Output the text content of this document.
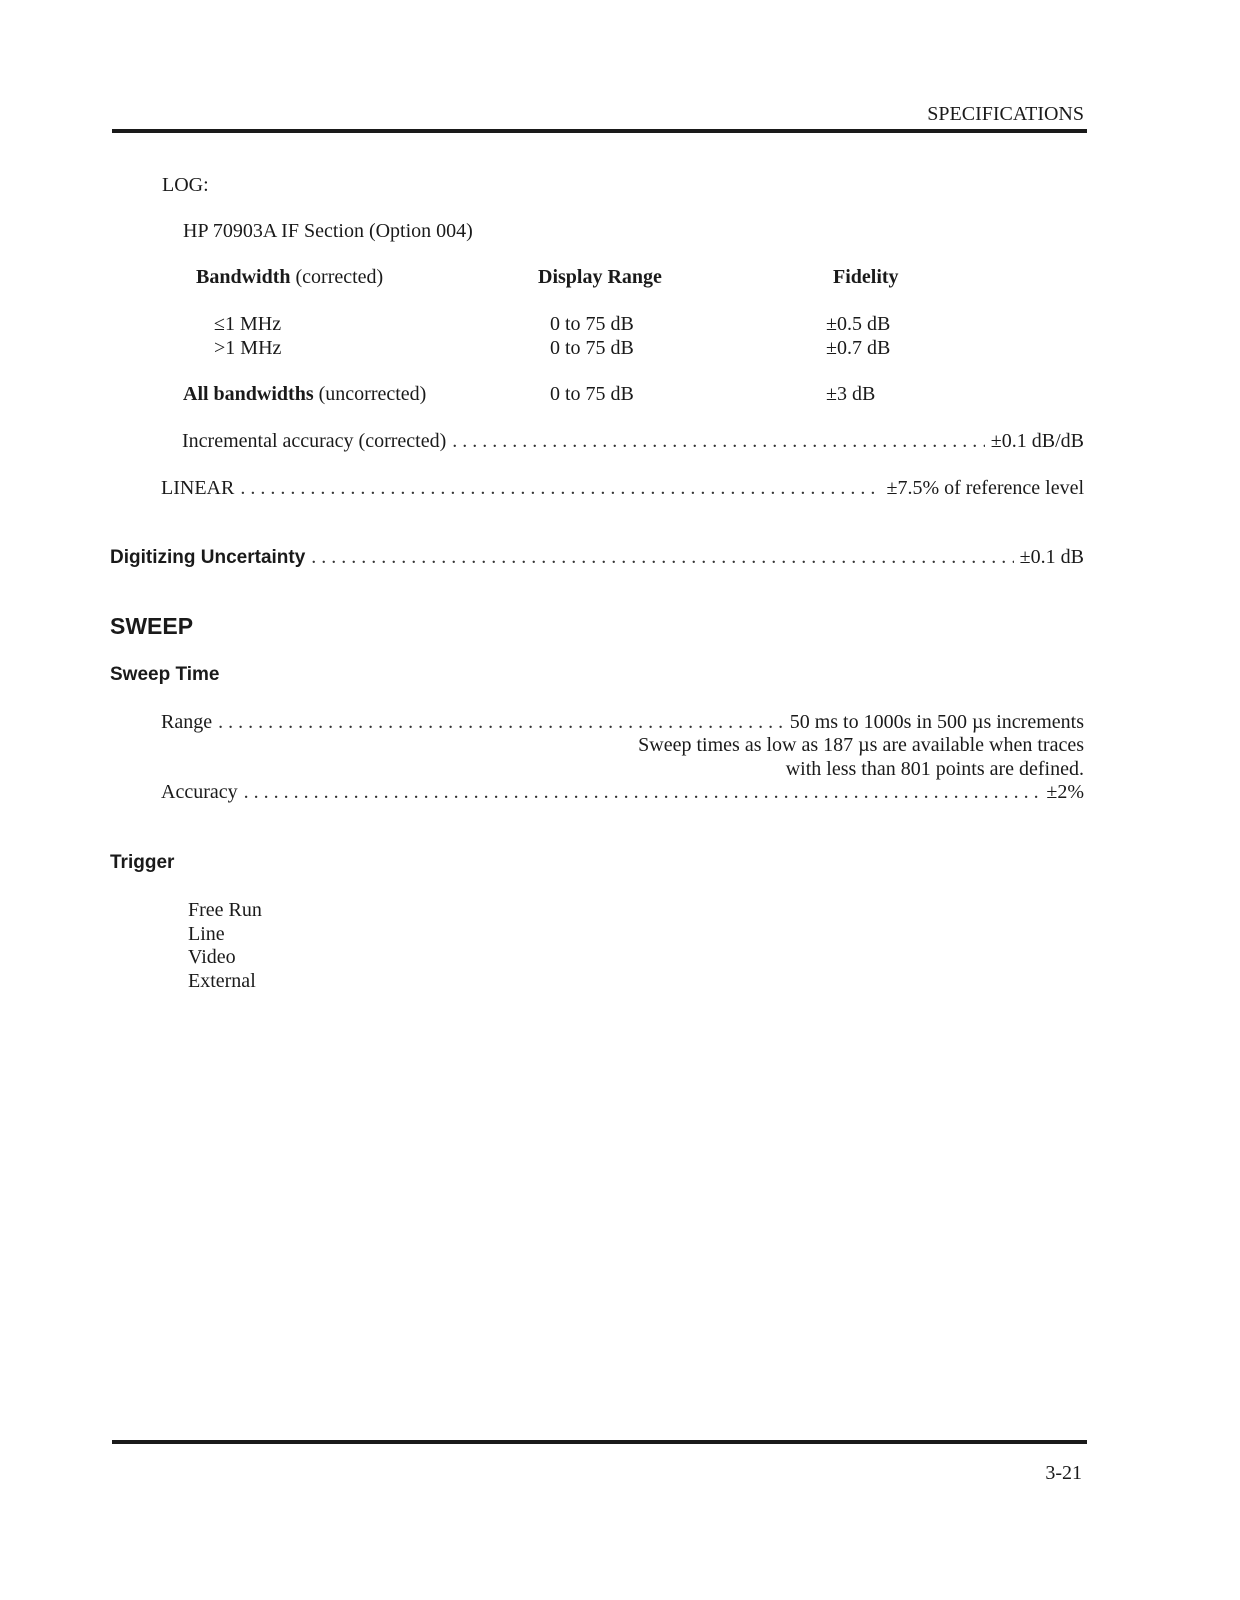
SPECIFICATIONS
LOG:
HP 70903A IF Section (Option 004)
Bandwidth (corrected)	Display Range	Fidelity
≤1 MHz	0 to 75 dB	±0.5 dB
>1 MHz	0 to 75 dB	±0.7 dB
All bandwidths (uncorrected)	0 to 75 dB	±3 dB
Incremental accuracy (corrected) . . .	±0.1 dB/dB
LINEAR . . .	±7.5% of reference level
Digitizing Uncertainty . . .	±0.1 dB
SWEEP
Sweep Time
Range . . .	50 ms to 1000s in 500 µs increments
Sweep times as low as 187 µs are available when traces
with less than 801 points are defined.
Accuracy . . .	±2%
Trigger
Free Run
Line
Video
External
3-21
